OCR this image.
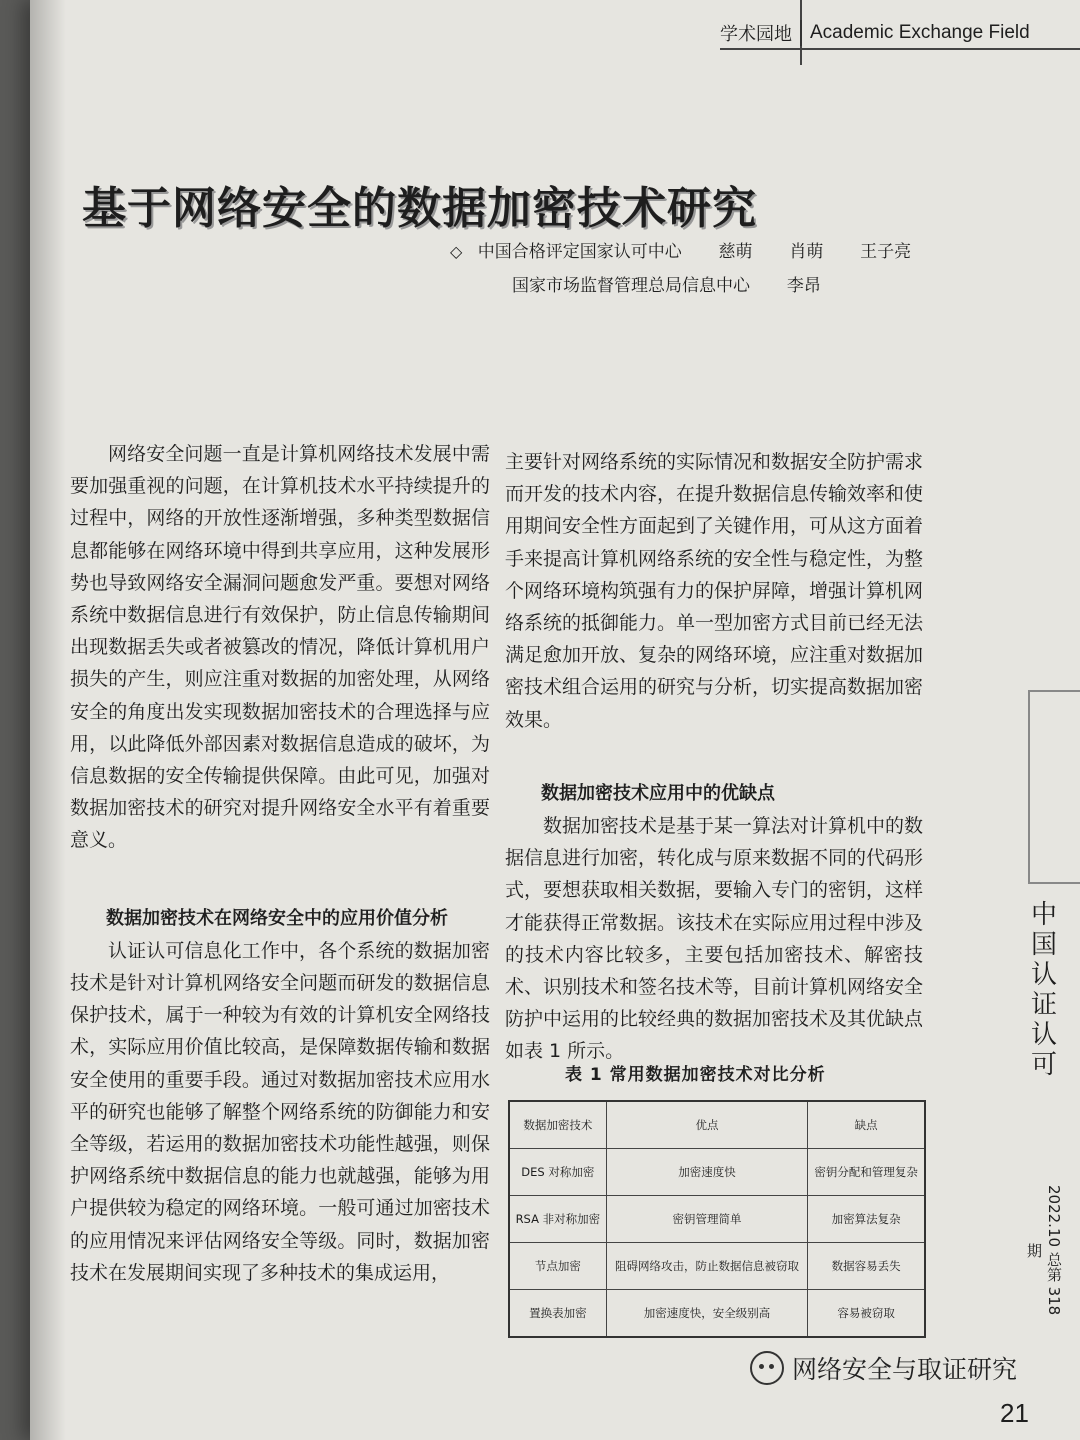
学术园地 Academic Exchange Field
基于网络安全的数据加密技术研究
◇ 中国合格评定国家认可中心 慈萌 肖萌 王子亮
国家市场监督管理总局信息中心 李昂

网络安全问题一直是计算机网络技术发展中需要加强重视的问题，在计算机技术水平持续提升的过程中，网络的开放性逐渐增强，多种类型数据信息都能够在网络环境中得到共享应用，这种发展形势也导致网络安全漏洞问题愈发严重。要想对网络系统中数据信息进行有效保护，防止信息传输期间出现数据丢失或者被篡改的情况，降低计算机用户损失的产生，则应注重对数据的加密处理，从网络安全的角度出发实现数据加密技术的合理选择与应用，以此降低外部因素对数据信息造成的破坏，为信息数据的安全传输提供保障。由此可见，加强对数据加密技术的研究对提升网络安全水平有着重要意义。

数据加密技术在网络安全中的应用价值分析

认证认可信息化工作中，各个系统的数据加密技术是针对计算机网络安全问题而研发的数据信息保护技术，属于一种较为有效的计算机安全网络技术，实际应用价值比较高，是保障数据传输和数据安全使用的重要手段。通过对数据加密技术应用水平的研究也能够了解整个网络系统的防御能力和安全等级，若运用的数据加密技术功能性越强，则保护网络系统中数据信息的能力也就越强，能够为用户提供较为稳定的网络环境。一般可通过加密技术的应用情况来评估网络安全等级。同时，数据加密技术在发展期间实现了多种技术的集成运用，

主要针对网络系统的实际情况和数据安全防护需求而开发的技术内容，在提升数据信息传输效率和使用期间安全性方面起到了关键作用，可从这方面着手来提高计算机网络系统的安全性与稳定性，为整个网络环境构筑强有力的保护屏障，增强计算机网络系统的抵御能力。单一型加密方式目前已经无法满足愈加开放、复杂的网络环境，应注重对数据加密技术组合运用的研究与分析，切实提高数据加密效果。

数据加密技术应用中的优缺点

数据加密技术是基于某一算法对计算机中的数据信息进行加密，转化成与原来数据不同的代码形式，要想获取相关数据，要输入专门的密钥，这样才能获得正常数据。该技术在实际应用过程中涉及的技术内容比较多，主要包括加密技术、解密技术、识别技术和签名技术等，目前计算机网络安全防护中运用的比较经典的数据加密技术及其优缺点如表 1 所示。

表 1 常用数据加密技术对比分析
数据加密技术	优点	缺点
DES 对称加密	加密速度快	密钥分配和管理复杂
RSA 非对称加密	密钥管理简单	加密算法复杂
节点加密	阻碍网络攻击，防止数据信息被窃取	数据容易丢失
置换表加密	加密速度快，安全级别高	容易被窃取
中国认证认可
2022.10 总第 318 期
网络安全与取证研究
21
